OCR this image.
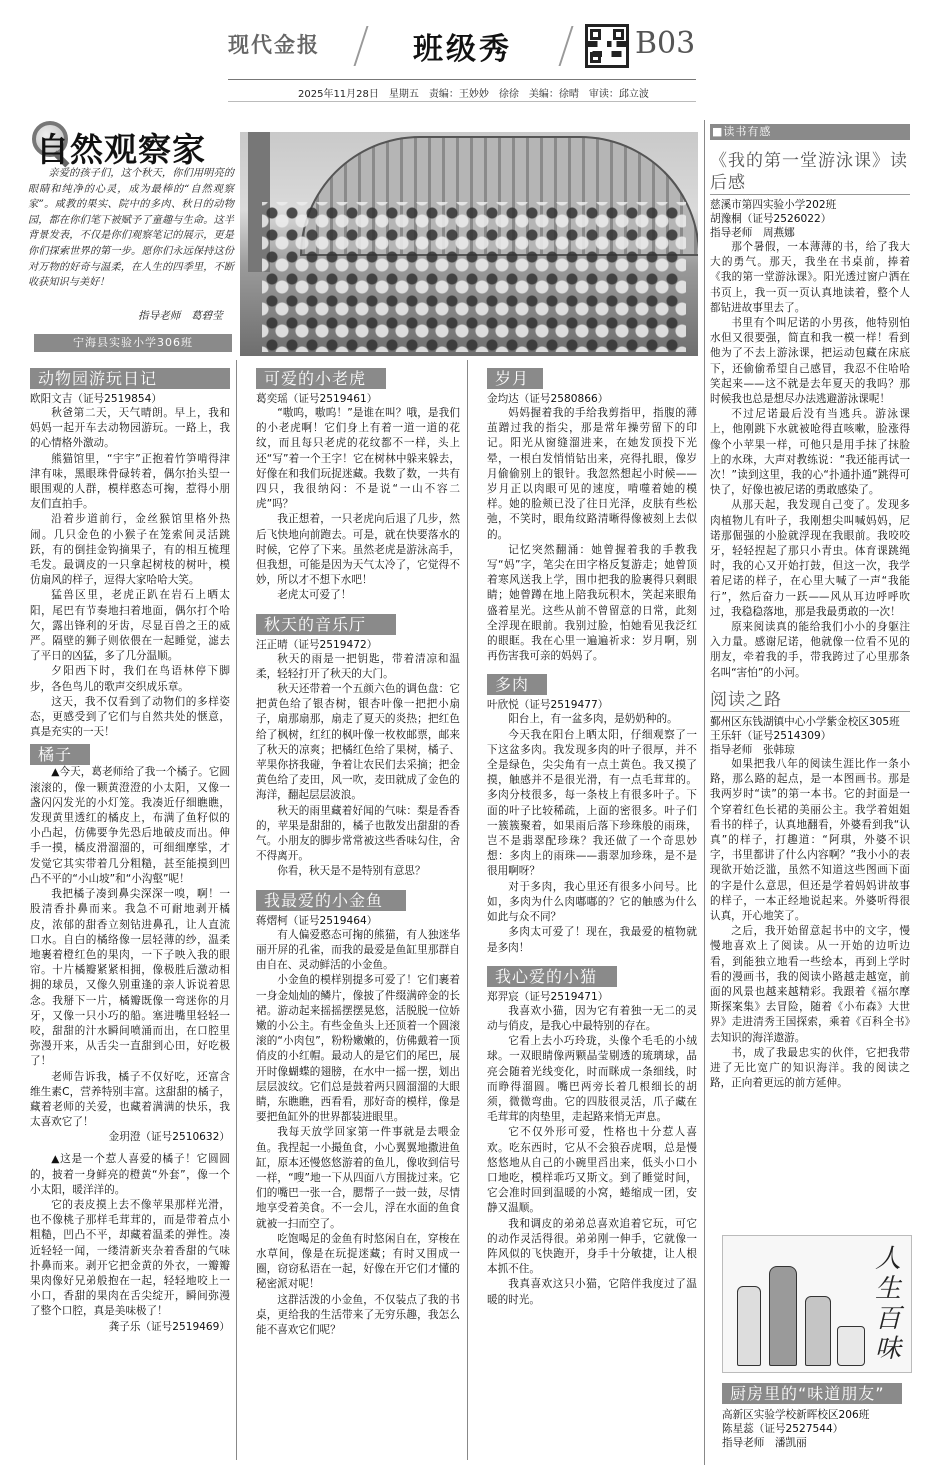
现代金报	班级秀	B03
2025年11月28日　星期五　责编：王妙妙　徐徐　美编：徐晴　审读：邱立波
自然观察家
亲爱的孩子们，这个秋天，你们用明亮的眼睛和纯净的心灵，成为最棒的“自然观察家”。咸教的果实、院中的多肉、秋日的动物园，都在你们笔下被赋予了童趣与生命。这半背景发表，不仅是你们观察笔记的展示，更是你们探索世界的第一步。愿你们永远保持这份对万物的好奇与温柔，在人生的四季里，不断收获知识与美好！
指导老师　葛碧莹
宁海县实验小学306班
动物园游玩日记
欧阳文吉（证号2519854）

秋爸第二天，天气晴朗。早上，我和妈妈一起开车去动物园游玩。一路上，我的心情格外激动。

熊猫馆里，“宇宇”正抱着竹笋啃得津津有味，黑眼珠骨碌转着，偶尔抬头望一眼围观的人群，模样憨态可掬，惹得小朋友们直拍手。

沿着步道前行，金丝猴馆里格外热闹。几只金色的小猴子在笼索间灵活跳跃，有的倒挂金钩摘果子，有的相互梳理毛发。最调皮的一只拿起树枝的树叶，模仿扇风的样子，逗得大家哈哈大笑。

猛兽区里，老虎正趴在岩石上晒太阳，尾巴有节奏地扫着地面，偶尔打个哈欠，露出锋利的牙齿，尽显百兽之王的威严。隔壁的狮子则依偎在一起睡觉，滤去了平日的凶猛，多了几分温顺。

夕阳西下时，我们在鸟语林停下脚步，各色鸟儿的歌声交织成乐章。

这天，我不仅看到了动物们的多样姿态，更感受到了它们与自然共处的惬意，真是充实的一天！

橘子

▲今天，葛老师给了我一个橘子。它圆滚滚的，像一颗黄澄澄的小太阳，又像一盏闪闪发光的小灯笼。我凑近仔细瞧瞧，发现黄里透红的橘皮上，布满了鱼籽似的小凸起，仿佛要争先恐后地破皮而出。伸手一摸，橘皮滑溜溜的，可细细摩挲，才发觉它其实带着几分粗糙，甚至能摸到凹凸不平的“小山坡”和“小沟壑”呢！

我把橘子凑到鼻尖深深一嗅，啊！一股清香扑鼻而来。我急不可耐地剥开橘皮，浓郁的甜香立刻钻进鼻孔，让人直流口水。自白的橘络像一层轻薄的纱，温柔地裹着橙红色的果肉，一下子映入我的眼帘。十片橘瓣紧紧相拥，像极胜后激动相拥的球员，又像久别重逢的亲人诉说着思念。我掰下一片，橘瓣既像一弯迷你的月牙，又像一只小巧的船。塞进嘴里轻轻一咬，甜甜的汁水瞬间喷涌而出，在口腔里弥漫开来，从舌尖一直甜到心田，好吃极了！

老师告诉我，橘子不仅好吃，还富含维生素C，营养特别丰富。这甜甜的橘子，藏着老师的关爱，也藏着满满的快乐，我太喜欢它了！

金玥澄（证号2510632）

▲这是一个惹人喜爱的橘子！它圆圆的，披着一身鲜亮的橙黄“外套”，像一个小太阳，暖洋洋的。

它的表皮摸上去不像苹果那样光滑，也不像桃子那样毛茸茸的，而是带着点小粗糙，凹凸不平，却藏着温柔的弹性。凑近轻轻一闻，一缕清新夹杂着香甜的气味扑鼻而来。剥开它把金黄的外衣，一瓣瓣果肉像好兄弟般抱在一起，轻轻地咬上一小口，香甜的果肉在舌尖绽开，瞬间弥漫了整个口腔，真是美味极了！

龚子乐（证号2519469）
可爱的小老虎
葛奕瑶（证号2519461）

“嗷呜，嗷呜！”是谁在叫？哦，是我们的小老虎啊！它们身上有着一道一道的花纹，而且每只老虎的花纹都不一样，头上还“写”着一个王字！它在树林中躲来躲去，好像在和我们玩捉迷藏。我数了数，一共有四只，我很纳闷：不是说“一山不容二虎”吗？

我正想着，一只老虎向后退了几步，然后飞快地向前跑去。可是，就在快要落水的时候，它停了下来。虽然老虎是游泳高手，但我想，可能是因为天气太冷了，它觉得不妙，所以才不想下水吧！

老虎太可爱了！

秋天的音乐厅
汪正晴（证号2519472）

秋天的雨是一把钥匙，带着清凉和温柔，轻轻打开了秋天的大门。

秋天还带着一个五颜六色的调色盘：它把黄色给了银杏树，银杏叶像一把把小扇子，扇那扇那，扇走了夏天的炎热；把红色给了枫树，红红的枫叶像一枚枚邮票，邮来了秋天的凉爽；把橘红色给了果树，橘子、苹果你挤我碰，争着让农民们去采摘；把金黄色给了麦田，风一吹，麦田就成了金色的海洋，翻起层层波浪。

秋天的雨里藏着好闻的气味：梨是香香的，苹果是甜甜的，橘子也散发出甜甜的香气。小朋友的脚步常常被这些香味勾住，舍不得离开。

你看，秋天是不是特别有意思？

我最爱的小金鱼
蒋熠柯（证号2519464）

有人偏爱憨态可掬的熊猫，有人独迷华丽开屏的孔雀，而我的最爱是鱼缸里那群自由自在、灵动鲜活的小金鱼。

小金鱼的模样别提多可爱了！它们裹着一身金灿灿的鳞片，像披了件缀满碎金的长裙。游动起来摇摇摆摆晃悠，活脱脱一位娇嫩的小公主。有些金鱼头上还顶着一个圆滚滚的“小肉包”，粉粉嫩嫩的，仿佛戴着一顶俏皮的小红帽。最动人的是它们的尾巴，展开时像蝴蝶的翅膀，在水中一摇一摆，划出层层波纹。它们总是鼓着两只圆溜溜的大眼睛，东瞧瞧，西看看，那好奇的模样，像是要把鱼缸外的世界都装进眼里。

我每天放学回家第一件事就是去喂金鱼。我捏起一小撮鱼食，小心翼翼地撒进鱼缸，原本还慢悠悠游着的鱼儿，像收到信号一样，“嗖”地一下从四面八方围拢过来。它们的嘴巴一张一合，腮帮子一鼓一鼓，尽情地享受着美食。不一会儿，浮在水面的鱼食就被一扫而空了。

吃饱喝足的金鱼有时悠闲自在，穿梭在水草间，像是在玩捉迷藏；有时又围成一圈，窃窃私语在一起，好像在开它们才懂的秘密派对呢！

这群活泼的小金鱼，不仅装点了我的书桌，更给我的生活带来了无穷乐趣，我怎么能不喜欢它们呢？

岁月
金均达（证号2580866）

妈妈握着我的手给我剪指甲，指腹的薄茧蹭过我的指尖，那是常年操劳留下的印记。阳光从窗缝溜进来，在她发顶投下光晕，一根白发悄悄钻出来，亮得扎眼，像岁月偷偷别上的银针。我忽然想起小时候——岁月正以肉眼可见的速度，啃噬着她的模样。她的脸颊已没了往日光泽，皮肤有些松弛，不笑时，眼角纹路清晰得像被刻上去似的。

记忆突然翻涌：她曾握着我的手教我写“妈”字，笔尖在田字格反复游走；她曾顶着寒风送我上学，围巾把我的脸裹得只剩眼睛；她曾蹲在地上陪我玩积木，笑起来眼角盛着星光。这些从前不曾留意的日常，此刻全浮现在眼前。我别过脸，怕她看见我泛红的眼眶。我在心里一遍遍祈求：岁月啊，别再伤害我可亲的妈妈了。

多肉
叶欣悦（证号2519477）

阳台上，有一盆多肉，是奶奶种的。

今天我在阳台上晒太阳，仔细观察了一下这盆多肉。我发现多肉的叶子很厚，并不全是绿色，尖尖角有一点土黄色。我又摸了摸，触感并不是很光滑，有一点毛茸茸的。多肉分枝很多，每一条枝上有很多叶子。下面的叶子比较稀疏，上面的密很多。叶子们一簇簇聚着，如果雨后落下珍珠般的雨珠，岂不是翡翠配珍珠？我还做了一个奇思妙想：多肉上的雨珠——翡翠加珍珠，是不是很用啊呀？

对于多肉，我心里还有很多小问号。比如，多肉为什么肉嘟嘟的？它的触感为什么如此与众不同？

多肉太可爱了！现在，我最爱的植物就是多肉！

我心爱的小猫
郑羿宸（证号2519471）

我喜欢小猫，因为它有着独一无二的灵动与俏皮，是我心中最特别的存在。

它看上去小巧玲珑，头像个毛毛的小绒球。一双眼睛像两颗晶莹剔透的琉璃球，晶亮会随着光线变化，时而眯成一条细线，时而睁得溜圆。嘴巴两旁长着几根细长的胡须，微微弯曲。它的四肢很灵活，爪子藏在毛茸茸的肉垫里，走起路来悄无声息。

它不仅外形可爱，性格也十分惹人喜欢。吃东西时，它从不会狼吞虎咽，总是慢悠悠地从自己的小碗里舀出来，低头小口小口地吃，模样乖巧又斯文。到了睡觉时间，它会准时回到温暖的小窝，蜷缩成一团，安静又温顺。

我和调皮的弟弟总喜欢追着它玩，可它的动作灵活得很。弟弟刚一伸手，它就像一阵风似的飞快跑开，身手十分敏捷，让人根本抓不住。

我真喜欢这只小猫，它陪伴我度过了温暖的时光。

■读书有感
《我的第一堂游泳课》读后感
慈溪市第四实验小学202班
胡豫桐（证号2526022）
指导老师　周燕娜

那个暑假，一本薄薄的书，给了我大大的勇气。那天，我坐在书桌前，捧着《我的第一堂游泳课》。阳光透过窗户洒在书页上，我一页一页认真地读着，整个人都钻进故事里去了。

书里有个叫尼诺的小男孩，他特别怕水但又很要强，简直和我一模一样！看到他为了不去上游泳课，把运动包藏在床底下，还偷偷希望自己感冒，我忍不住哈哈笑起来——这不就是去年夏天的我吗？那时候我也总是想尽办法逃避游泳课呢！

不过尼诺最后没有当逃兵。游泳课上，他刚跳下水就被呛得直咳嗽，脸涨得像个小苹果一样，可他只是用手抹了抹脸上的水珠，大声对教练说：“我还能再试一次！”读到这里，我的心“扑通扑通”跳得可快了，好像也被尼诺的勇敢感染了。

从那天起，我发现自己变了。发现多肉植物儿有叶子，我刚想尖叫喊妈妈，尼诺那倔强的小脸就浮现在我眼前。我咬咬牙，轻轻捏起了那只小青虫。体育课跳绳时，我的心又开始打鼓，但这一次，我学着尼诺的样子，在心里大喊了一声“我能行”，然后奋力一跃——风从耳边呼呼吹过，我稳稳落地，那是我最勇敢的一次！

原来阅读真的能给我们小小的身躯注入力量。感谢尼诺，他就像一位看不见的朋友，牵着我的手，带我跨过了心里那条名叫“害怕”的小河。

阅读之路
鄞州区东钱湖镇中心小学紫金校区305班
王乐轩（证号2514309）
指导老师　张韩琼

如果把我八年的阅读生涯比作一条小路，那么路的起点，是一本图画书。那是我两岁时“读”的第一本书。它的封面是一个穿着红色长裙的美丽公主。我学着姐姐看书的样子，认真地翻看，外婆看到我“认真”的样子，打趣道：“阿琪，外婆不识字，书里都讲了什么内容啊？”我小小的表现欲开始泛滥，虽然不知道这些图画下面的字是什么意思，但还是学着妈妈讲故事的样子，一本正经地说起来。外婆听得很认真，开心地笑了。

之后，我开始留意起书中的文字，慢慢地喜欢上了阅读。从一开始的边听边看，到能独立地看一些绘本，再到上学时看的漫画书，我的阅读小路越走越宽，前面的风景也越来越精彩。我跟着《福尔摩斯探案集》去冒险，随着《小布森》大世界》走进清秀王国探索，乘着《百科全书》去知识的海洋遨游。

书，成了我最忠实的伙伴，它把我带进了无比宽广的知识海洋。我的阅读之路，正向着更远的前方延伸。

人生百味
厨房里的“味道朋友”
高新区实验学校新晖校区206班
陈星蕊（证号2527544）
指导老师　潘凯丽
